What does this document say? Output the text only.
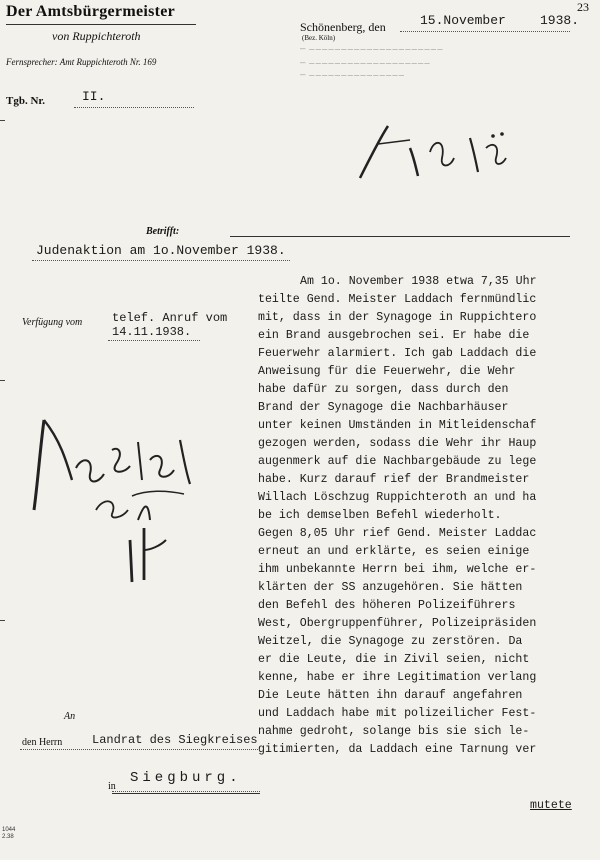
Der Amtsbürgermeister
von Ruppichteroth
Fernsprecher: Amt Ruppichteroth Nr. 169
Tgb. Nr.	II.
Schönenberg, den
(Bez. Köln)
15.November	1938.
23
— ̶ ̶ ̶ ̶ ̶ ̶ ̶ ̶ ̶ ̶ ̶ ̶ ̶ ̶ ̶ ̶ ̶ ̶ ̶ ̶ ̶
— ̶ ̶ ̶ ̶ ̶ ̶ ̶ ̶ ̶ ̶ ̶ ̶ ̶ ̶ ̶ ̶ ̶ ̶ ̶
— ̶ ̶ ̶ ̶ ̶ ̶ ̶ ̶ ̶ ̶ ̶ ̶ ̶ ̶ ̶
Betrifft:
Judenaktion am 1o.November 1938.
Verfügung vom telef. Anruf vom
14.11.1938.
Am 1o. November 1938 etwa 7,35 Uhr
teilte Gend. Meister Laddach fernmündlic
mit, dass in der Synagoge in Ruppichtero
ein Brand ausgebrochen sei. Er habe die
Feuerwehr alarmiert. Ich gab Laddach die
Anweisung für die Feuerwehr, die Wehr
habe dafür zu sorgen, dass durch den
Brand der Synagoge die Nachbarhäuser
unter keinen Umständen in Mitleidenschaf
gezogen werden, sodass die Wehr ihr Haup
augenmerk auf die Nachbargebäude zu lege
habe. Kurz darauf rief der Brandmeister
Willach Löschzug Ruppichteroth an und ha
be ich demselben Befehl wiederholt.
Gegen 8,05 Uhr rief Gend. Meister Laddac
erneut an und erklärte, es seien einige
ihm unbekannte Herrn bei ihm, welche er-
klärten der SS anzugehören. Sie hätten
den Befehl des höheren Polizeiführers
West, Obergruppenführer, Polizeipräsiden
Weitzel, die Synagoge zu zerstören. Da
er die Leute, die in Zivil seien, nicht
kenne, habe er ihre Legitimation verlang
Die Leute hätten ihn darauf angefahren
und Laddach habe mit polizeilicher Fest-
nahme gedroht, solange bis sie sich le-
gitimierten, da Laddach eine Tarnung ver
mutete
An
den Herrn Landrat des Siegkreises
in
Siegburg.
1044
2.38
